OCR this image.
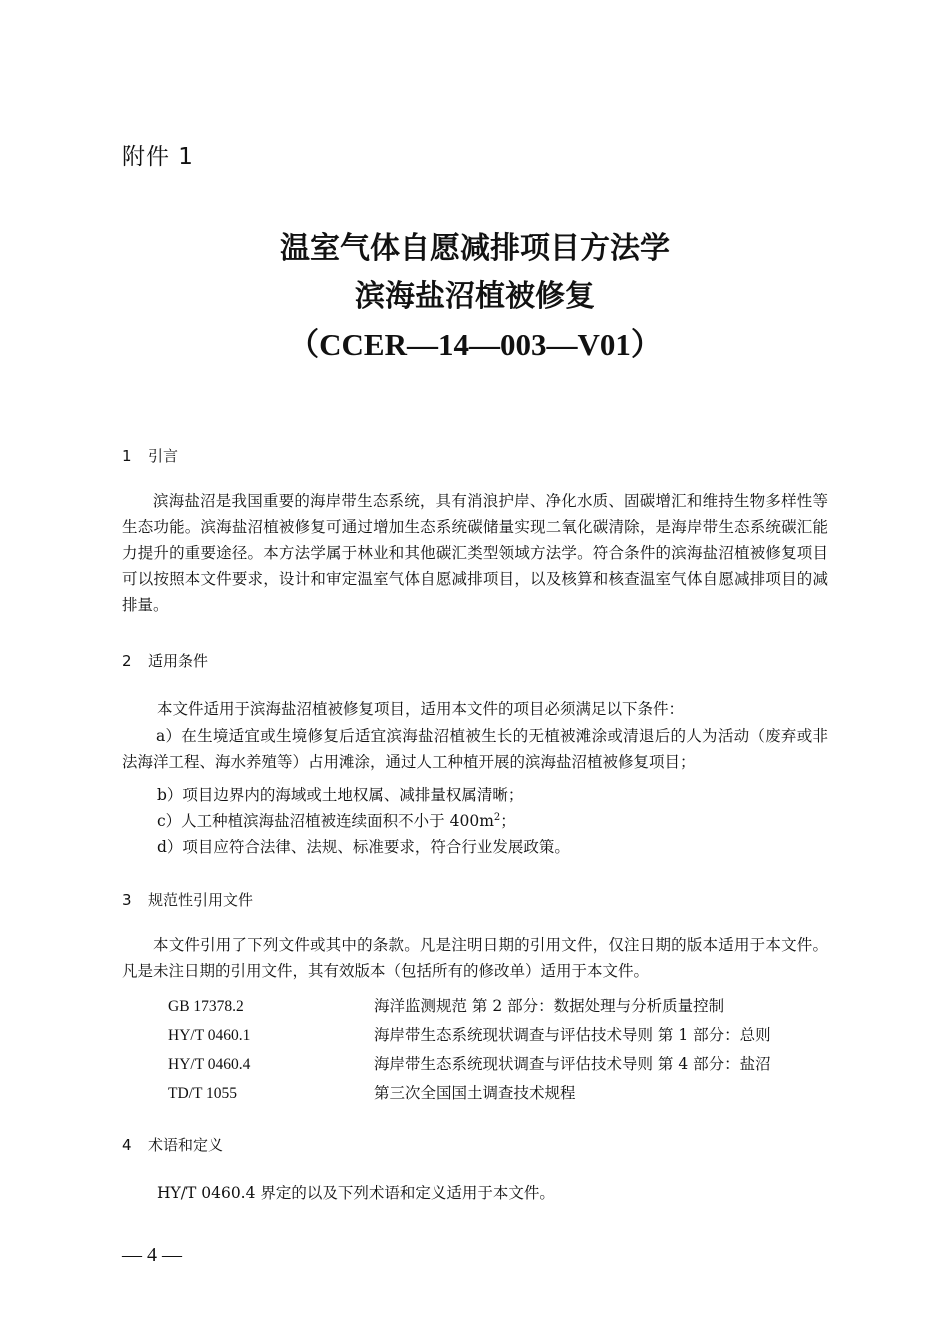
附件 1
温室气体自愿减排项目方法学
滨海盐沼植被修复
（CCER—14—003—V01）
1 引言
滨海盐沼是我国重要的海岸带生态系统，具有消浪护岸、净化水质、固碳增汇和维持生物多样性等生态功能。滨海盐沼植被修复可通过增加生态系统碳储量实现二氧化碳清除，是海岸带生态系统碳汇能力提升的重要途径。本方法学属于林业和其他碳汇类型领域方法学。符合条件的滨海盐沼植被修复项目可以按照本文件要求，设计和审定温室气体自愿减排项目，以及核算和核查温室气体自愿减排项目的减排量。
2 适用条件
本文件适用于滨海盐沼植被修复项目，适用本文件的项目必须满足以下条件：
a）在生境适宜或生境修复后适宜滨海盐沼植被生长的无植被滩涂或清退后的人为活动（废弃或非法海洋工程、海水养殖等）占用滩涂，通过人工种植开展的滨海盐沼植被修复项目；
b）项目边界内的海域或土地权属、减排量权属清晰；
c）人工种植滨海盐沼植被连续面积不小于 $400m^2$；
d）项目应符合法律、法规、标准要求，符合行业发展政策。
3 规范性引用文件
本文件引用了下列文件或其中的条款。凡是注明日期的引用文件，仅注日期的版本适用于本文件。凡是未注日期的引用文件，其有效版本（包括所有的修改单）适用于本文件。
GB 17378.2	海洋监测规范 第 2 部分：数据处理与分析质量控制
HY/T 0460.1	海岸带生态系统现状调查与评估技术导则 第 1 部分：总则
HY/T 0460.4	海岸带生态系统现状调查与评估技术导则 第 4 部分：盐沼
TD/T 1055	第三次全国国土调查技术规程
4 术语和定义
HY/T 0460.4 界定的以及下列术语和定义适用于本文件。
— 4 —
